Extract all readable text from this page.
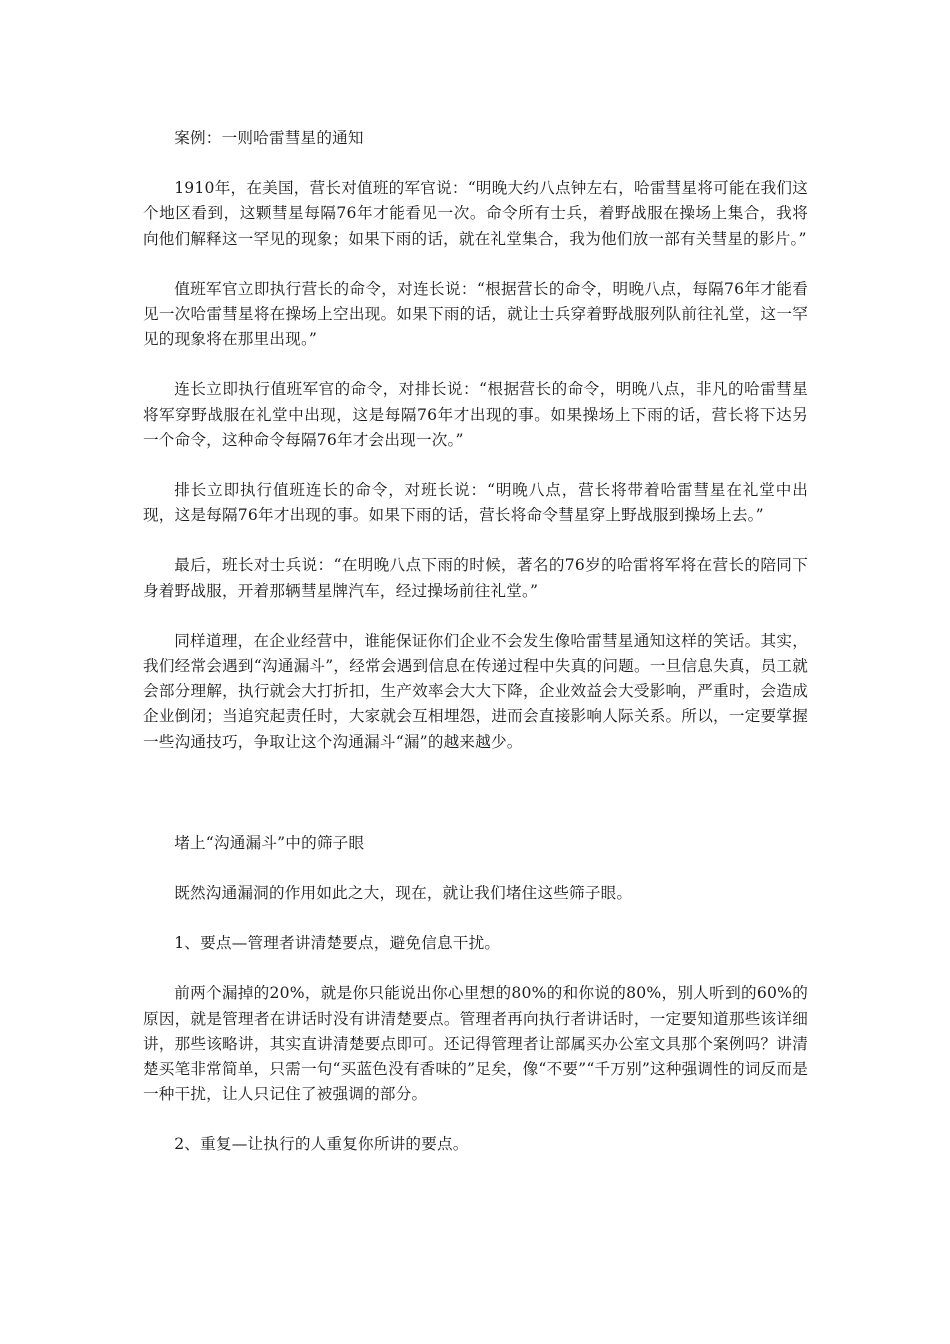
案例：一则哈雷彗星的通知

1910年，在美国，营长对值班的军官说：“明晚大约八点钟左右，哈雷彗星将可能在我们这个地区看到，这颗彗星每隔76年才能看见一次。命令所有士兵，着野战服在操场上集合，我将向他们解释这一罕见的现象；如果下雨的话，就在礼堂集合，我为他们放一部有关彗星的影片。”

值班军官立即执行营长的命令，对连长说：“根据营长的命令，明晚八点，每隔76年才能看见一次哈雷彗星将在操场上空出现。如果下雨的话，就让士兵穿着野战服列队前往礼堂，这一罕见的现象将在那里出现。”

连长立即执行值班军官的命令，对排长说：“根据营长的命令，明晚八点，非凡的哈雷彗星将军穿野战服在礼堂中出现，这是每隔76年才出现的事。如果操场上下雨的话，营长将下达另一个命令，这种命令每隔76年才会出现一次。”

排长立即执行值班连长的命令，对班长说：“明晚八点，营长将带着哈雷彗星在礼堂中出现，这是每隔76年才出现的事。如果下雨的话，营长将命令彗星穿上野战服到操场上去。”

最后，班长对士兵说：“在明晚八点下雨的时候，著名的76岁的哈雷将军将在营长的陪同下身着野战服，开着那辆彗星牌汽车，经过操场前往礼堂。”

同样道理，在企业经营中，谁能保证你们企业不会发生像哈雷彗星通知这样的笑话。其实，我们经常会遇到“沟通漏斗”，经常会遇到信息在传递过程中失真的问题。一旦信息失真，员工就会部分理解，执行就会大打折扣，生产效率会大大下降，企业效益会大受影响，严重时，会造成企业倒闭；当追究起责任时，大家就会互相埋怨，进而会直接影响人际关系。所以，一定要掌握一些沟通技巧，争取让这个沟通漏斗“漏”的越来越少。

堵上“沟通漏斗”中的筛子眼

既然沟通漏洞的作用如此之大，现在，就让我们堵住这些筛子眼。

1、要点—管理者讲清楚要点，避免信息干扰。

前两个漏掉的20%，就是你只能说出你心里想的80%的和你说的80%，别人听到的60%的原因，就是管理者在讲话时没有讲清楚要点。管理者再向执行者讲话时，一定要知道那些该详细讲，那些该略讲，其实直讲清楚要点即可。还记得管理者让部属买办公室文具那个案例吗？讲清楚买笔非常简单，只需一句“买蓝色没有香味的”足矣，像“不要”“千万别”这种强调性的词反而是一种干扰，让人只记住了被强调的部分。

2、重复—让执行的人重复你所讲的要点。
